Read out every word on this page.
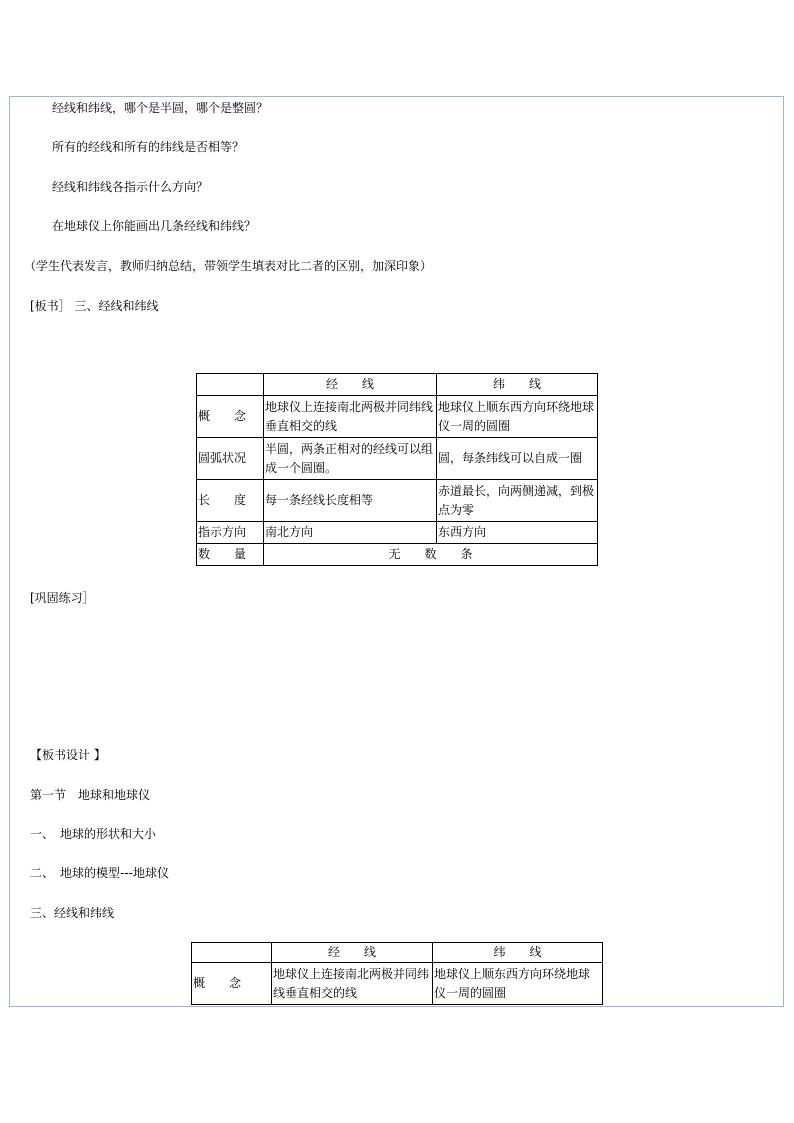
经线和纬线，哪个是半圆，哪个是整圆？
所有的经线和所有的纬线是否相等？
经线和纬线各指示什么方向？
在地球仪上你能画出几条经线和纬线？
（学生代表发言，教师归纳总结，带领学生填表对比二者的区别，加深印象）
[板书］ 三、经线和纬线
	经　　线	纬　　线
概　　念	地球仪上连接南北两极并同纬线垂直相交的线	地球仪上顺东西方向环绕地球仪一周的圆圈
圆弧状况	半圆，两条正相对的经线可以组成一个圆圈。	圆，每条纬线可以自成一圈
长　　度	每一条经线长度相等	赤道最长，向两侧递减，到极点为零
指示方向	南北方向	东西方向
数　　量	无　　数　　条	
[巩固练习］
【板书设计 】
第一节　地球和地球仪
一、　地球的形状和大小
二、　地球的模型---地球仪
三、经线和纬线
	经　　线	纬　　线
概　　念	地球仪上连接南北两极并同纬线垂直相交的线	地球仪上顺东西方向环绕地球仪一周的圆圈
